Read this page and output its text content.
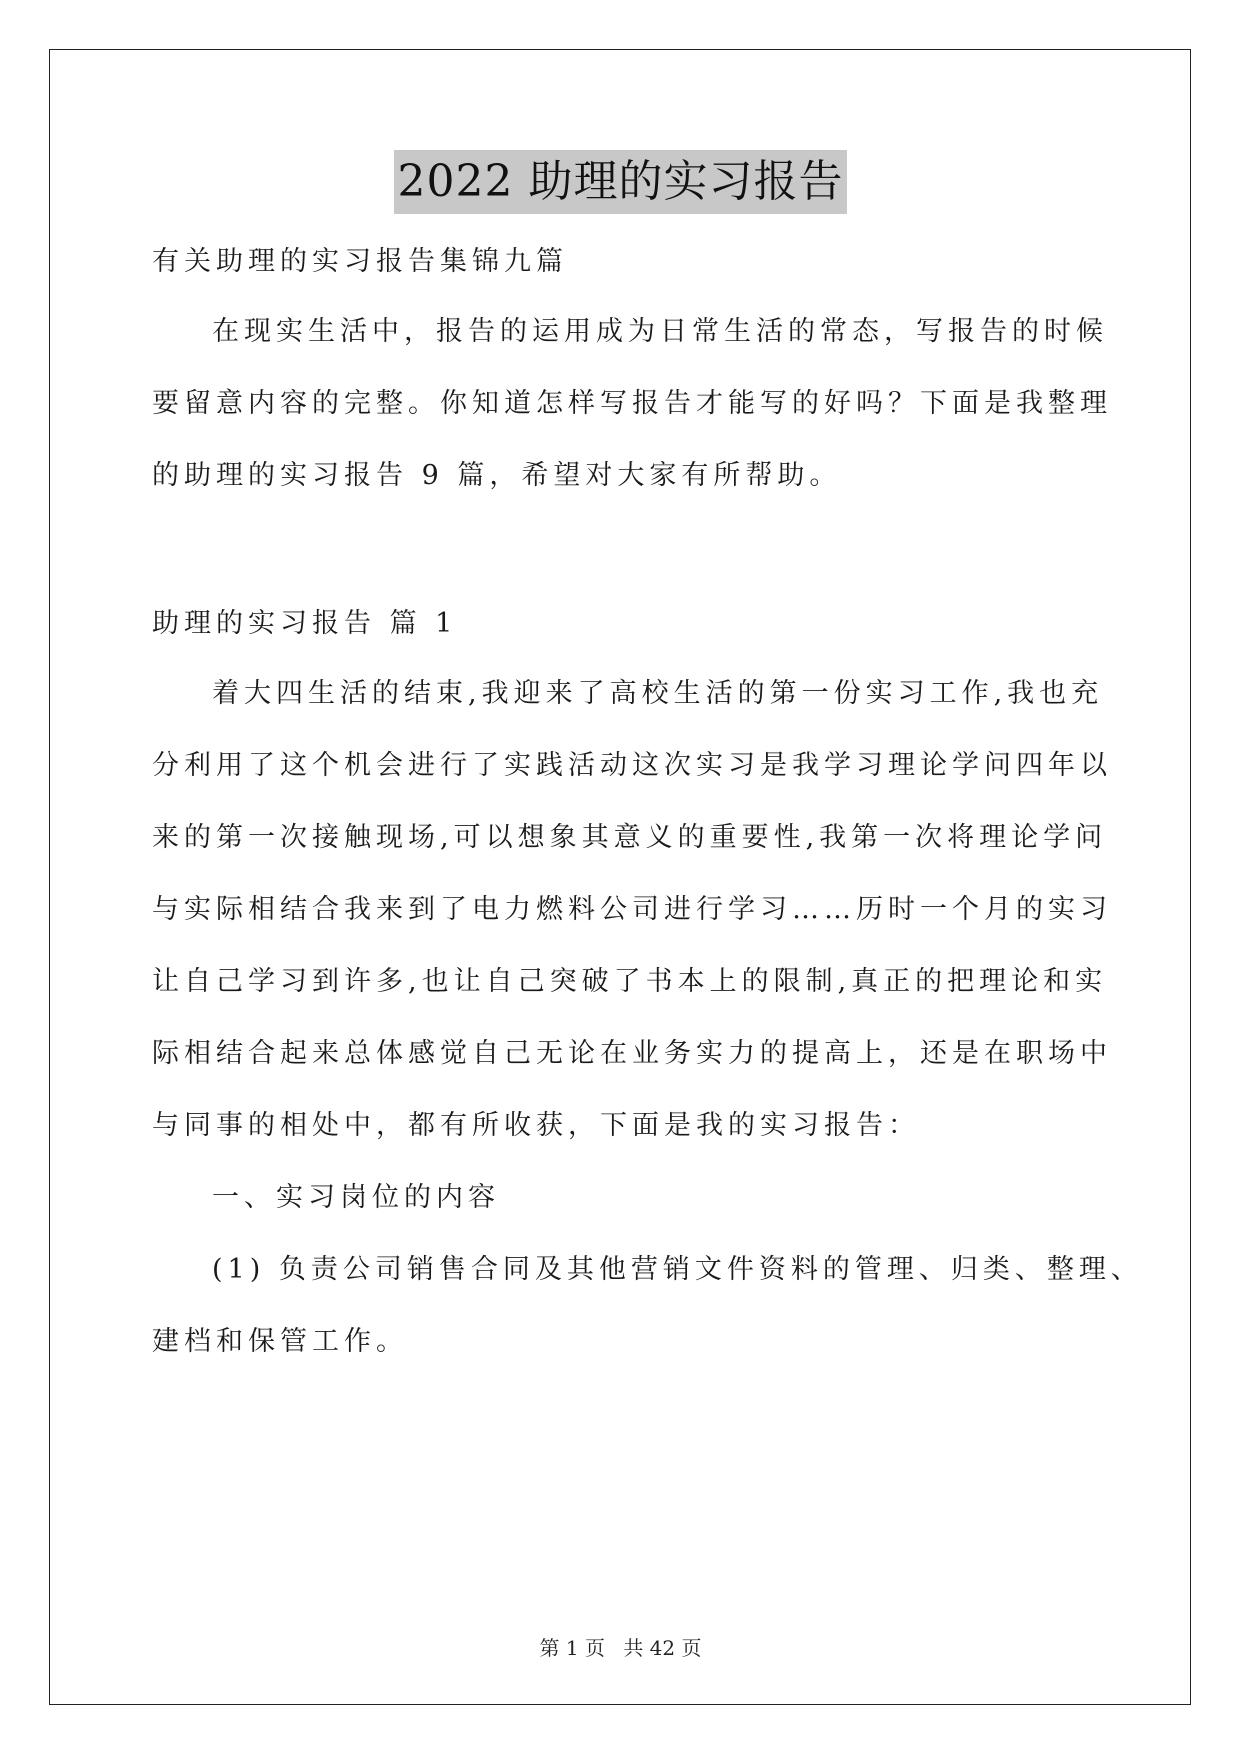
2022 助理的实习报告
有关助理的实习报告集锦九篇
在现实生活中，报告的运用成为日常生活的常态，写报告的时候
要留意内容的完整。你知道怎样写报告才能写的好吗？下面是我整理
的助理的实习报告 9 篇，希望对大家有所帮助。
助理的实习报告 篇 1
着大四生活的结束,我迎来了高校生活的第一份实习工作,我也充
分利用了这个机会进行了实践活动这次实习是我学习理论学问四年以
来的第一次接触现场,可以想象其意义的重要性,我第一次将理论学问
与实际相结合我来到了电力燃料公司进行学习……历时一个月的实习
让自己学习到许多,也让自己突破了书本上的限制,真正的把理论和实
际相结合起来总体感觉自己无论在业务实力的提高上，还是在职场中
与同事的相处中，都有所收获，下面是我的实习报告：
一、实习岗位的内容
(1) 负责公司销售合同及其他营销文件资料的管理、归类、整理、
建档和保管工作。
第 1 页 共 42 页
